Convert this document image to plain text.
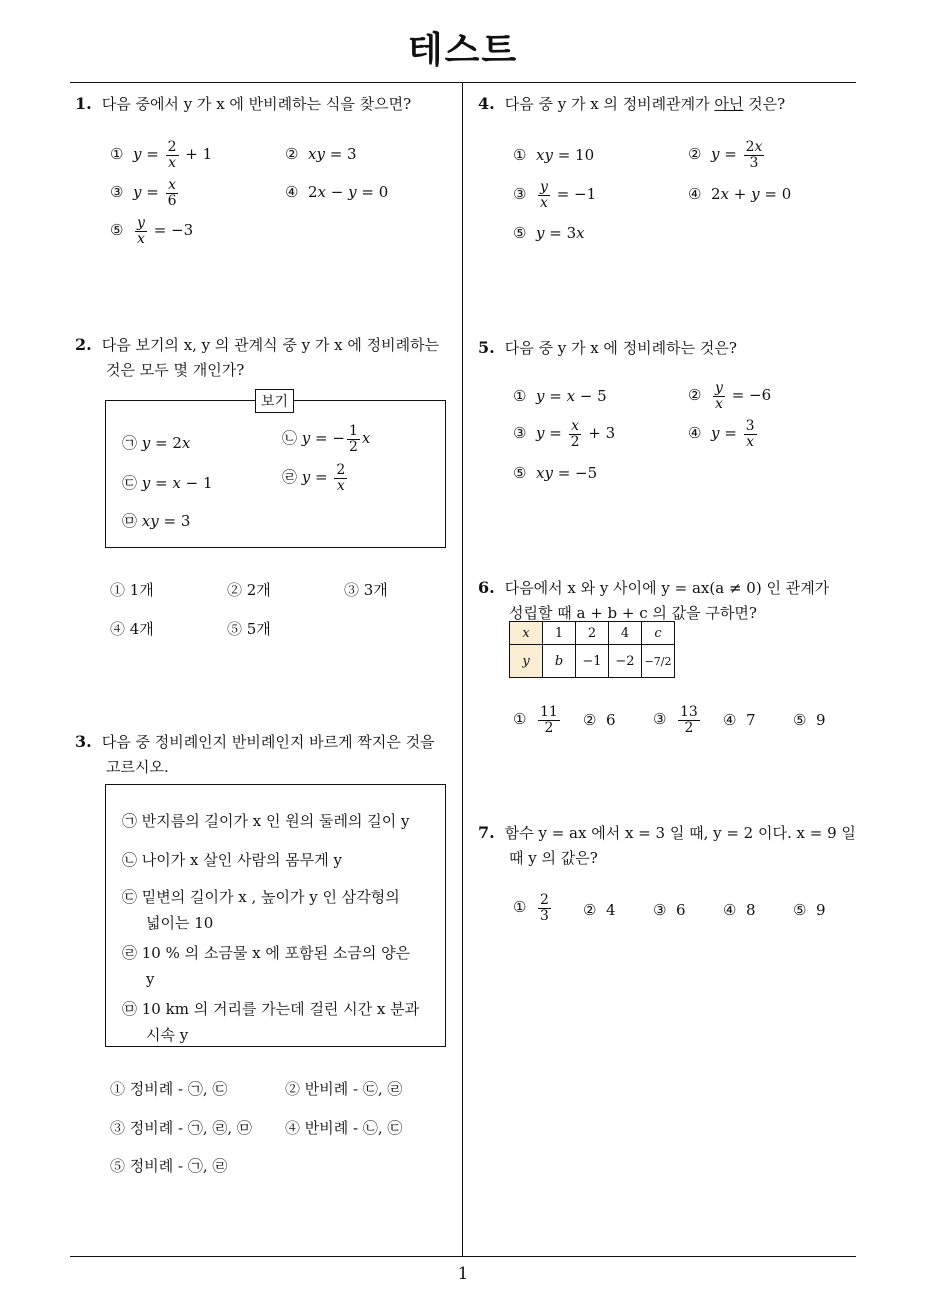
테스트
1
1. 다음 중에서 y 가 x 에 반비례하는 식을 찾으면?
① $y = \frac{2}{x} + 1$	② xy = 3
③ $y = \frac{x}{6}$	④  2x − y = 0
⑤ $\frac{y}{x} = -3$
2. 다음 보기의 x, y 의 관계식 중 y 가 x 에 정비례하는
것은 모두 몇 개인가?
보기
㉠ y = 2x	㉡ y = − $\frac{1}{2}$ x
㉢ y = x − 1	㉣ $y = \frac{2}{x}$
㉤ xy = 3
① 1개	② 2개	③ 3개
④ 4개	⑤ 5개
3. 다음 중 정비례인지 반비례인지 바르게 짝지은 것을
고르시오.
㉠ 반지름의 길이가 x 인 원의 둘레의 길이 y
㉡ 나이가 x 살인 사람의 몸무게 y
㉢ 밑변의 길이가 x , 높이가 y 인 삼각형의
넓이는 10
㉣ 10 % 의 소금물 x 에 포함된 소금의 양은
y
㉤ 10 km 의 거리를 가는데 걸린 시간 x 분과
시속 y
① 정비례 - ㉠, ㉢	② 반비례 - ㉢, ㉣
③ 정비례 - ㉠, ㉣, ㉤ ④ 반비례 - ㉡, ㉢
⑤ 정비례 - ㉠, ㉣
4. 다음 중 y 가 x 의 정비례관계가 아닌 것은?
① xy = 10	② $y = \frac{2x}{3}$
③ $\frac{y}{x} = -1$	④  2x + y = 0
⑤ y = 3x
5. 다음 중 y 가 x 에 정비례하는 것은?
① y = x − 5	② $\frac{y}{x} = -6$
③ $y = \frac{x}{2} + 3$	④ $y = \frac{3}{x}$
⑤ xy = −5
6. 다음에서 x 와 y 사이에 y = ax(a ≠ 0) 인 관계가
성립할 때 a + b + c 의 값을 구하면?
x	1	2	4	c
y	b	−1	−2	−7/2
① $\frac{11}{2}$ ② 6 ③ $\frac{13}{2}$ ④ 7 ⑤ 9
7. 함수 y = ax 에서 x = 3 일 때, y = 2 이다. x = 9 일
때 y 의 값은?
① $\frac{2}{3}$ ② 4 ③ 6 ④ 8 ⑤ 9
